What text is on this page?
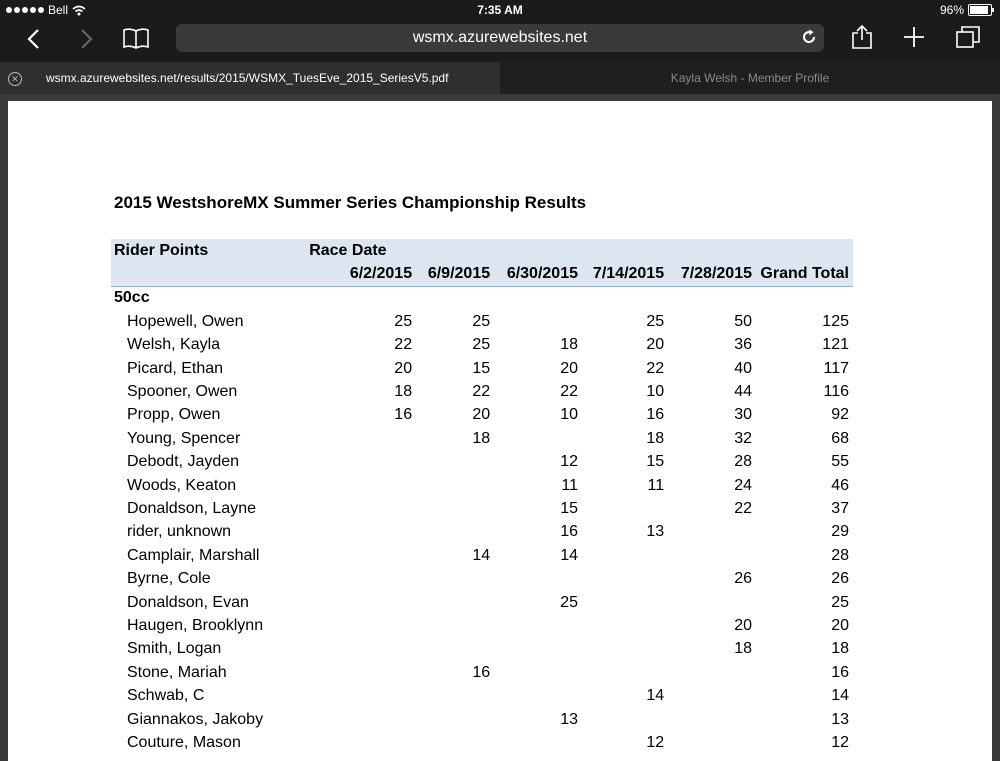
Bell	7:35 AM	96%
wsmx.azurewebsites.net
✕ wsmx.azurewebsites.net/results/2015/WSMX_TuesEve_2015_SeriesV5.pdf	Kayla Welsh - Member Profile
2015 WestshoreMX Summer Series Championship Results
Rider Points	Race Date					
	6/2/2015	6/9/2015	6/30/2015	7/14/2015	7/28/2015	Grand Total
50cc						
Hopewell, Owen	25	25		25	50	125
Welsh, Kayla	22	25	18	20	36	121
Picard, Ethan	20	15	20	22	40	117
Spooner, Owen	18	22	22	10	44	116
Propp, Owen	16	20	10	16	30	92
Young, Spencer		18		18	32	68
Debodt, Jayden			12	15	28	55
Woods, Keaton			11	11	24	46
Donaldson, Layne			15		22	37
rider, unknown			16	13		29
Camplair, Marshall		14	14			28
Byrne, Cole					26	26
Donaldson, Evan			25			25
Haugen, Brooklynn					20	20
Smith, Logan					18	18
Stone, Mariah		16				16
Schwab, C				14		14
Giannakos, Jakoby			13			13
Couture, Mason				12		12
